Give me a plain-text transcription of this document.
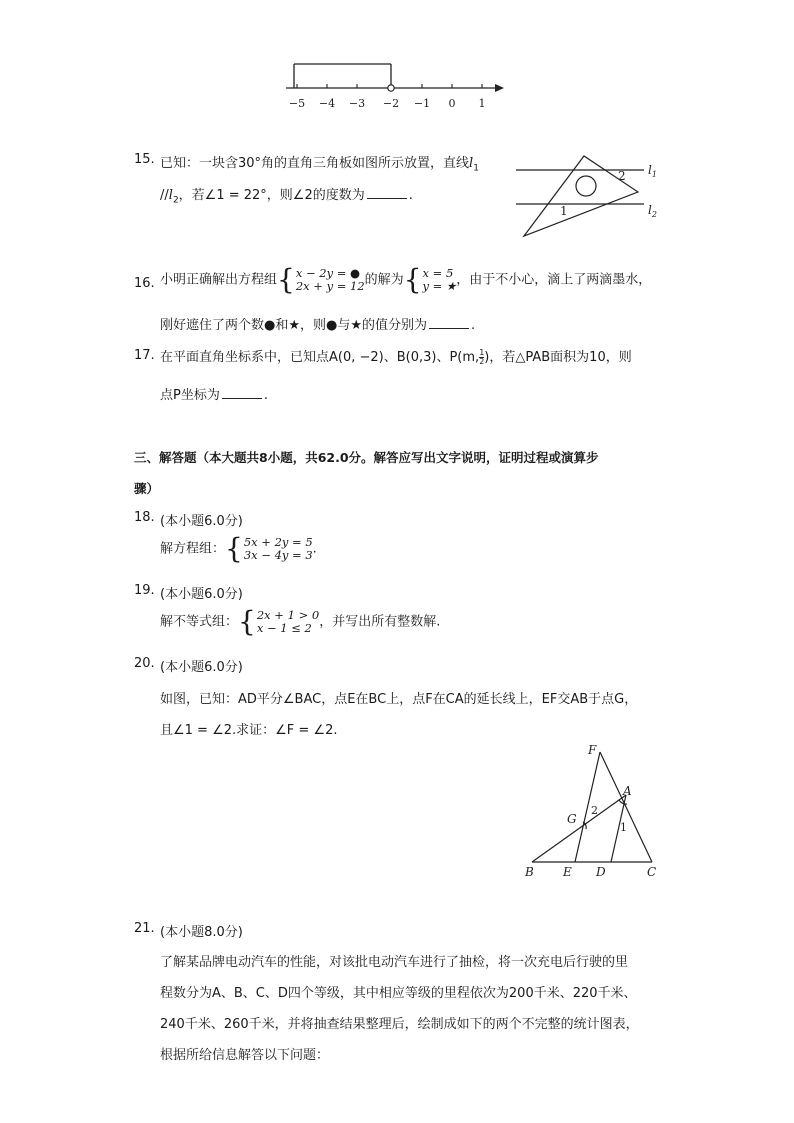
−5 −4 −3 −2 −1 0 1
15. 已知：一块含30°角的直角三角板如图所示放置，直线$l_1$
$//l_2$，若∠1 = 22°，则∠2的度数为	.
2
1
$l_1$
$l_2$
16. 小明正确解出方程组{x − 2y = ●
2x + y = 12的解为{x = 5
y = ★，由于不小心，滴上了两滴墨水，
刚好遮住了两个数●和★，则●与★的值分别为	.
17. 在平面直角坐标系中，已知点A(0, −2)、B(0,3)、$P(m,\frac{1}{2})$，若△PAB面积为10，则
点P坐标为	.
三、解答题（本大题共8小题，共62.0分。解答应写出文字说明，证明过程或演算步
骤）
18. (本小题6.0分)
解方程组：{5x + 2y = 5
3x − 4y = 3.
19. (本小题6.0分)
解不等式组：{2x + 1 > 0
x − 1 ≤ 2 ，并写出所有整数解.
20. (本小题6.0分)
如图，已知：AD平分∠BAC，点E在BC上，点F在CA的延长线上，EF交AB于点G，
且∠1 = ∠2.求证：∠F = ∠2.
F
A
G
B E D	C
2
1
21. (本小题8.0分)
了解某品牌电动汽车的性能，对该批电动汽车进行了抽检，将一次充电后行驶的里
程数分为A、B、C、D四个等级，其中相应等级的里程依次为200千米、220千米、
240千米、260千米，并将抽查结果整理后，绘制成如下的两个不完整的统计图表，
根据所给信息解答以下问题：
